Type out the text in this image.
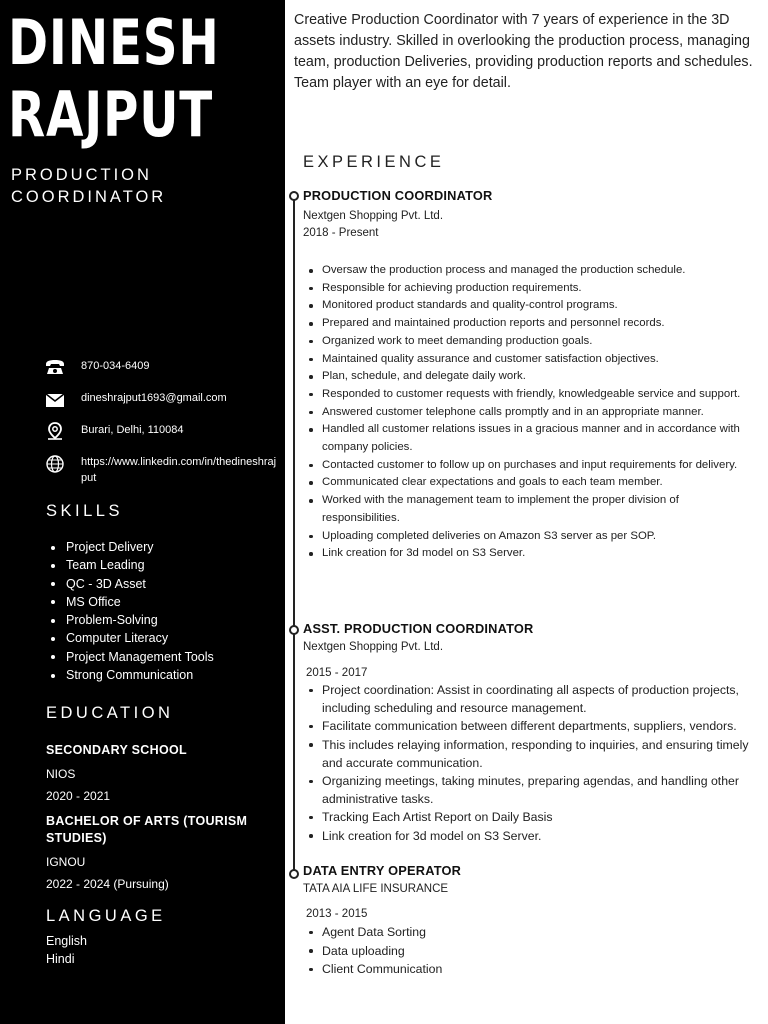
DINESH
RAJPUT
PRODUCTION
COORDINATOR
870-034-6409
dineshrajput1693@gmail.com
Burari, Delhi, 110084
https://www.linkedin.com/in/thedineshrajput
SKILLS
Project Delivery
Team Leading
QC - 3D Asset
MS Office
Problem-Solving
Computer Literacy
Project Management Tools
Strong Communication
EDUCATION
SECONDARY SCHOOL
NIOS
2020 - 2021
BACHELOR OF ARTS (TOURISM STUDIES)
IGNOU
2022 - 2024 (Pursuing)
LANGUAGE
English
Hindi

Creative Production Coordinator with 7 years of experience in the 3D assets industry. Skilled in overlooking the production process, managing team, production Deliveries, providing production reports and schedules. Team player with an eye for detail.

EXPERIENCE
PRODUCTION COORDINATOR
Nextgen Shopping Pvt. Ltd.
2018 - Present
Oversaw the production process and managed the production schedule.
Responsible for achieving production requirements.
Monitored product standards and quality-control programs.
Prepared and maintained production reports and personnel records.
Organized work to meet demanding production goals.
Maintained quality assurance and customer satisfaction objectives.
Plan, schedule, and delegate daily work.
Responded to customer requests with friendly, knowledgeable service and support.
Answered customer telephone calls promptly and in an appropriate manner.
Handled all customer relations issues in a gracious manner and in accordance with company policies.
Contacted customer to follow up on purchases and input requirements for delivery.
Communicated clear expectations and goals to each team member.
Worked with the management team to implement the proper division of responsibilities.
Uploading completed deliveries on Amazon S3 server as per SOP.
Link creation for 3d model on S3 Server.
ASST. PRODUCTION COORDINATOR
Nextgen Shopping Pvt. Ltd.
2015 - 2017
Project coordination: Assist in coordinating all aspects of production projects, including scheduling and resource management.
Facilitate communication between different departments, suppliers, vendors.
This includes relaying information, responding to inquiries, and ensuring timely and accurate communication.
Organizing meetings, taking minutes, preparing agendas, and handling other administrative tasks.
Tracking Each Artist Report on Daily Basis
Link creation for 3d model on S3 Server.
DATA ENTRY OPERATOR
TATA AIA LIFE INSURANCE
2013 - 2015
Agent Data Sorting
Data uploading
Client Communication
